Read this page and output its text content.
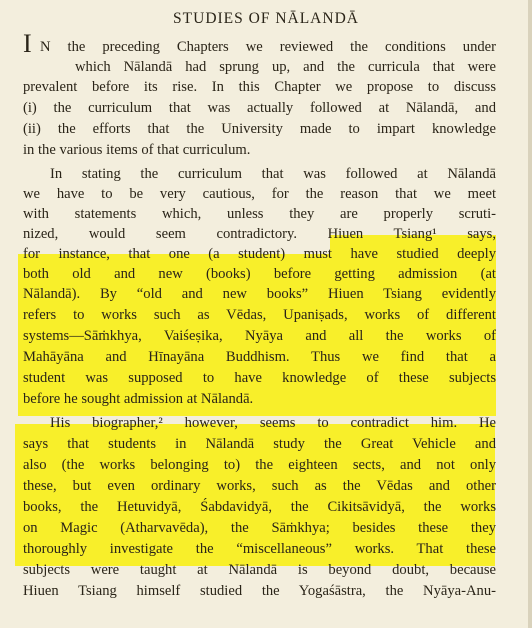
STUDIES OF NĀLANDĀ
I N the preceding Chapters we reviewed the conditions under
which Nālandā had sprung up, and the curricula that were
prevalent before its rise. In this Chapter we propose to discuss
(i) the curriculum that was actually followed at Nālandā, and
(ii) the efforts that the University made to impart knowledge
in the various items of that curriculum.
In stating the curriculum that was followed at Nālandā
we have to be very cautious, for the reason that we meet
with statements which, unless they are properly scruti-
nized, would seem contradictory. Hiuen Tsiang¹ says,
for instance, that one (a student) must have studied deeply
both old and new (books) before getting admission (at
Nālandā). By “old and new books” Hiuen Tsiang evidently
refers to works such as Vēdas, Upaniṣads, works of different
systems—Sāṁkhya, Vaiśeṣika, Nyāya and all the works of
Mahāyāna and Hīnayāna Buddhism. Thus we find that a
student was supposed to have knowledge of these subjects
before he sought admission at Nālandā.
His biographer,² however, seems to contradict him. He
says that students in Nālandā study the Great Vehicle and
also (the works belonging to) the eighteen sects, and not only
these, but even ordinary works, such as the Vēdas and other
books, the Hetuvidyā, Śabdavidyā, the Cikitsāvidyā, the works
on Magic (Atharvavēda), the Sāṁkhya; besides these they
thoroughly investigate the “miscellaneous” works. That these
subjects were taught at Nālandā is beyond doubt, because
Hiuen Tsiang himself studied the Yogaśāstra, the Nyāya-Anu-
